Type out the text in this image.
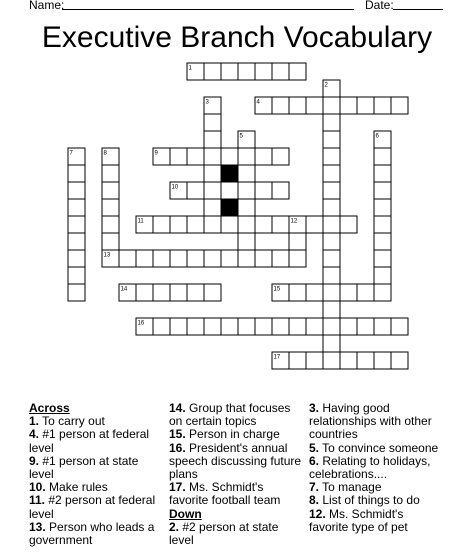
Name:	Date:
Executive Branch Vocabulary
1
2
3	4
5	6
7	8	9
10
11	12
13
14	15
16
17
Across
1. To carry out
4. #1 person at federal level
9. #1 person at state level
10. Make rules
11. #2 person at federal level
13. Person who leads a government
14. Group that focuses on certain topics
15. Person in charge
16. President's annual speech discussing future plans
17. Ms. Schmidt's favorite football team
Down
2. #2 person at state level
3. Having good relationships with other countries
5. To convince someone
6. Relating to holidays, celebrations....
7. To manage
8. List of things to do
12. Ms. Schmidt's favorite type of pet
